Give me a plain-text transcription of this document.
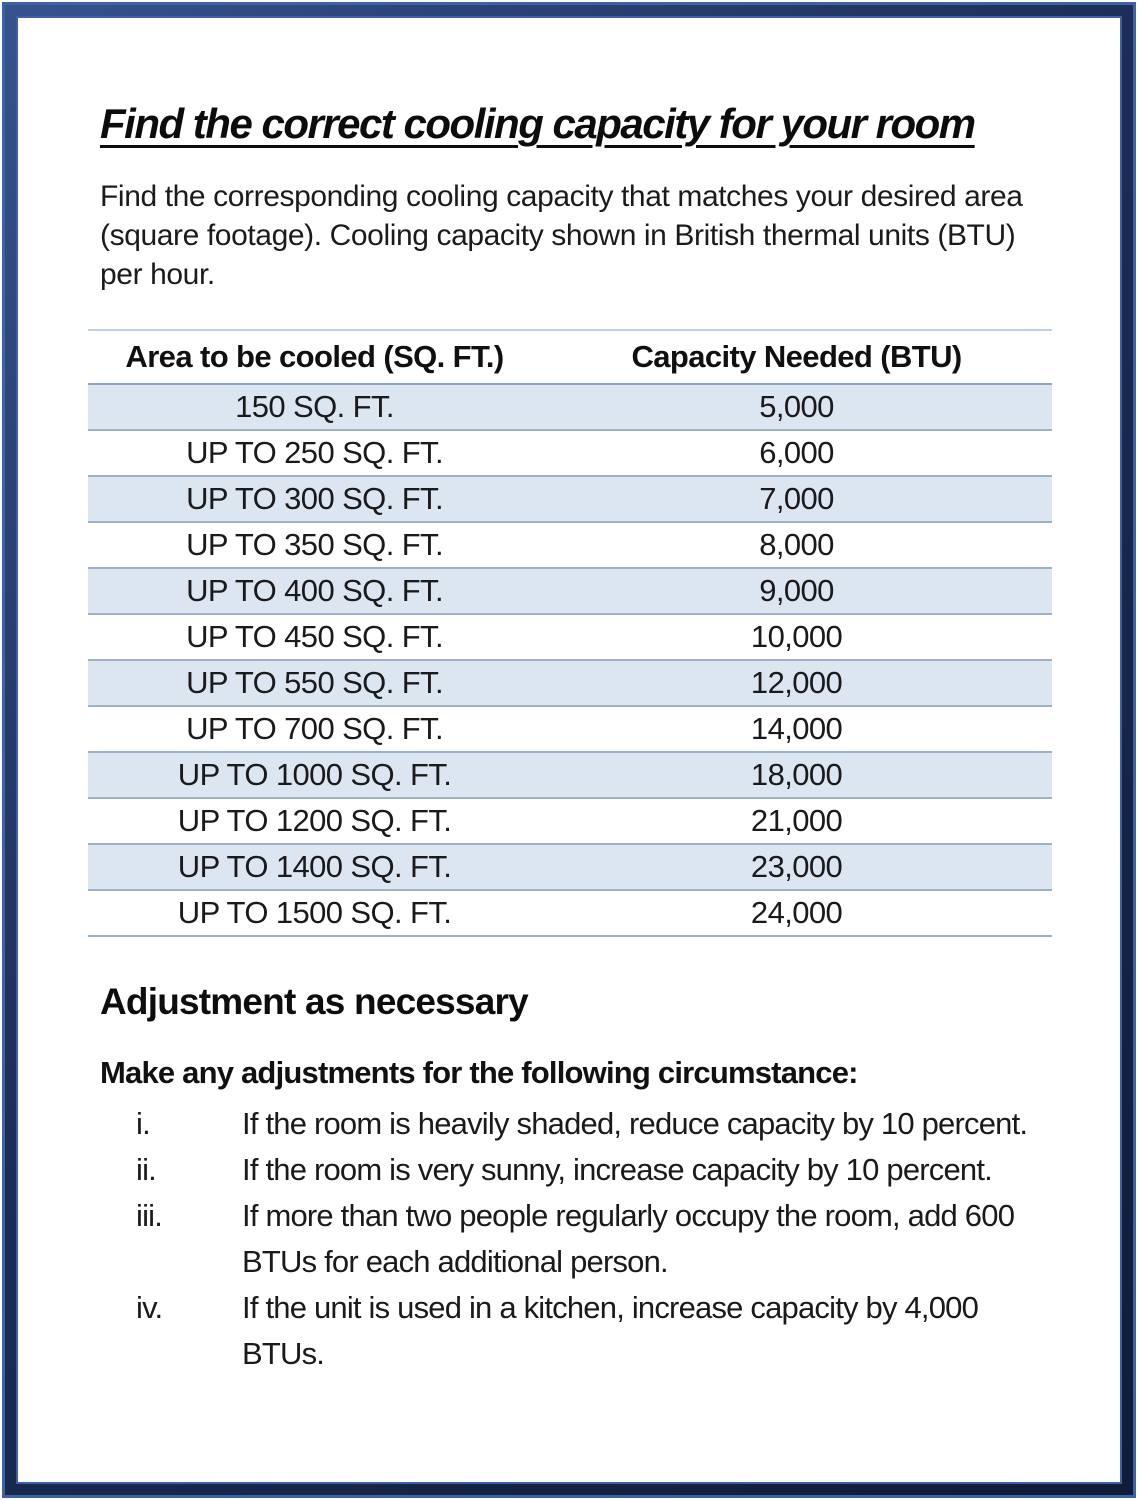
Find the correct cooling capacity for your room

Find the corresponding cooling capacity that matches your desired area (square footage). Cooling capacity shown in British thermal units (BTU) per hour.

Area to be cooled (SQ. FT.)	Capacity Needed (BTU)
150 SQ. FT.	5,000
UP TO 250 SQ. FT.	6,000
UP TO 300 SQ. FT.	7,000
UP TO 350 SQ. FT.	8,000
UP TO 400 SQ. FT.	9,000
UP TO 450 SQ. FT.	10,000
UP TO 550 SQ. FT.	12,000
UP TO 700 SQ. FT.	14,000
UP TO 1000 SQ. FT.	18,000
UP TO 1200 SQ. FT.	21,000
UP TO 1400 SQ. FT.	23,000
UP TO 1500 SQ. FT.	24,000
Adjustment as necessary

Make any adjustments for the following circumstance:

i.	If the room is heavily shaded, reduce capacity by 10 percent.
ii.	If the room is very sunny, increase capacity by 10 percent.
iii.	If more than two people regularly occupy the room, add 600 BTUs for each additional person.
iv.	If the unit is used in a kitchen, increase capacity by 4,000 BTUs.
